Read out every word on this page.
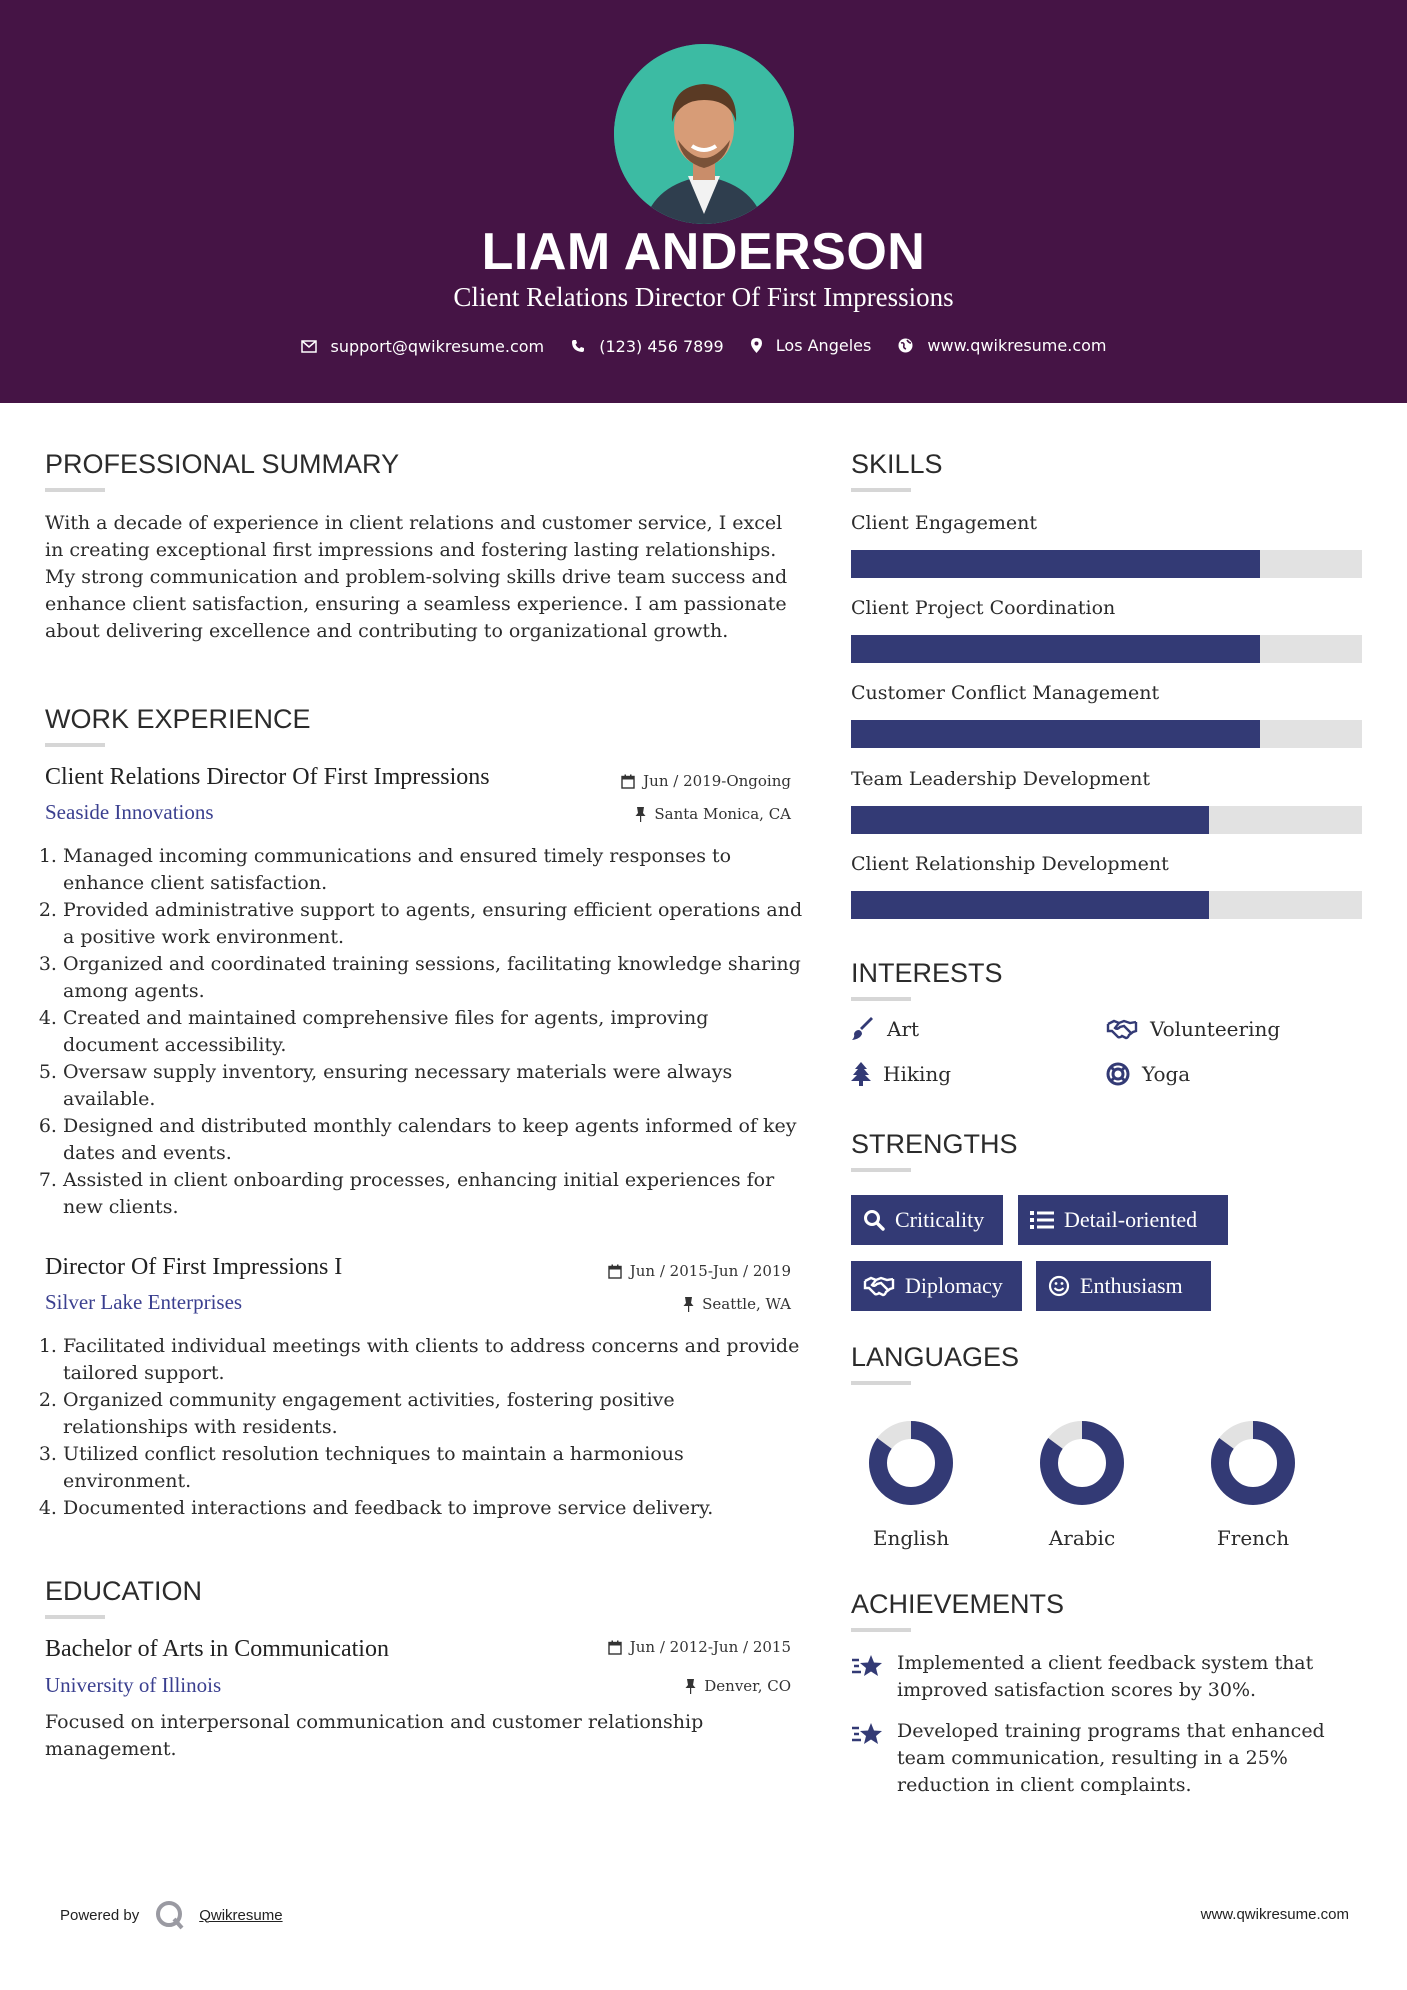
LIAM ANDERSON
Client Relations Director Of First Impressions
support@qwikresume.com
	(123) 456 7899
	Los Angeles
	www.qwikresume.com
PROFESSIONAL SUMMARY
With a decade of experience in client relations and customer service, I excel in creating exceptional first impressions and fostering lasting relationships. My strong communication and problem-solving skills drive team success and enhance client satisfaction, ensuring a seamless experience. I am passionate about delivering excellence and contributing to organizational growth.
WORK EXPERIENCE
Client Relations Director Of First Impressions	Jun / 2019-Ongoing
Seaside Innovations	Santa Monica, CA
1. Managed incoming communications and ensured timely responses to enhance client satisfaction.
2. Provided administrative support to agents, ensuring efficient operations and a positive work environment.
3. Organized and coordinated training sessions, facilitating knowledge sharing among agents.
4. Created and maintained comprehensive files for agents, improving document accessibility.
5. Oversaw supply inventory, ensuring necessary materials were always available.
6. Designed and distributed monthly calendars to keep agents informed of key dates and events.
7. Assisted in client onboarding processes, enhancing initial experiences for new clients.
Director Of First Impressions I	Jun / 2015-Jun / 2019
Silver Lake Enterprises	Seattle, WA
1. Facilitated individual meetings with clients to address concerns and provide tailored support.
2. Organized community engagement activities, fostering positive relationships with residents.
3. Utilized conflict resolution techniques to maintain a harmonious environment.
4. Documented interactions and feedback to improve service delivery.
EDUCATION
Bachelor of Arts in Communication	Jun / 2012-Jun / 2015
University of Illinois	Denver, CO
Focused on interpersonal communication and customer relationship management.
SKILLS
Client Engagement
Client Project Coordination
Customer Conflict Management
Team Leadership Development
Client Relationship Development
INTERESTS
Art	Volunteering
Hiking	Yoga
STRENGTHS
Criticality	Detail-oriented
Diplomacy	Enthusiasm
LANGUAGES
English	Arabic	French
ACHIEVEMENTS
Implemented a client feedback system that improved satisfaction scores by 30%.
Developed training programs that enhanced team communication, resulting in a 25% reduction in client complaints.
Powered by	Qwikresume	www.qwikresume.com
